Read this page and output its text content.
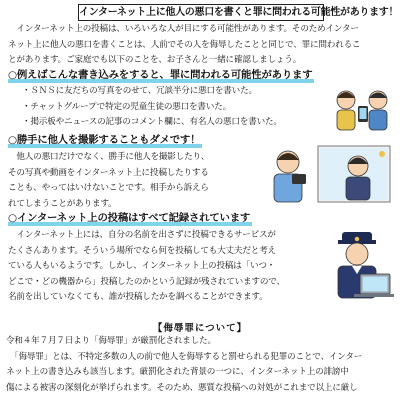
インターネット上に他人の悪口を書くと罪に問われる可能性があります！
　インターネット上の投稿は、いろいろな人が目にする可能性があります。そのためインター
ネット上に他人の悪口を書くことは、人前でその人を侮辱したことと同じで、罪に問われるこ
とがあります。ご家庭でも以下のことを、お子さんと一緒に確認しましょう。
○例えばこんな書き込みをすると、罪に問われる可能性があります
・ＳＮＳに友だちの写真をのせて、冗談半分に悪口を書いた。
・チャットグループで特定の児童生徒の悪口を書いた。
・掲示板やニュースの記事のコメント欄に、有名人の悪口を書いた。
○勝手に他人を撮影することもダメです！
　他人の悪口だけでなく、勝手に他人を撮影したり、
その写真や動画をインターネット上に投稿したりする
ことも、やってはいけないことです。相手から訴えら
れてしまうことがあります。
○インターネット上の投稿はすべて記録されています
　インターネット上には、自分の名前を出さずに投稿できるサービスが
たくさんあります。そういう場所でなら何を投稿しても大丈夫だと考え
ている人もいるようです。しかし、インターネット上の投稿は「いつ・
どこで・どの機器から」投稿したのかという記録が残されていますので、
名前を出していなくても、誰が投稿したかを調べることができます。
【侮辱罪について】
令和４年７月７日より「侮辱罪」が厳罰化されました。
　「侮辱罪」とは、不特定多数の人の前で他人を侮辱すると罰せられる犯罪のことで、インター
ネット上の書き込みも該当します。厳罰化された背景の一つに、インターネット上の誹謗中
傷による被害の深刻化が挙げられます。そのため、悪質な投稿への対処がこれまで以上に厳し
